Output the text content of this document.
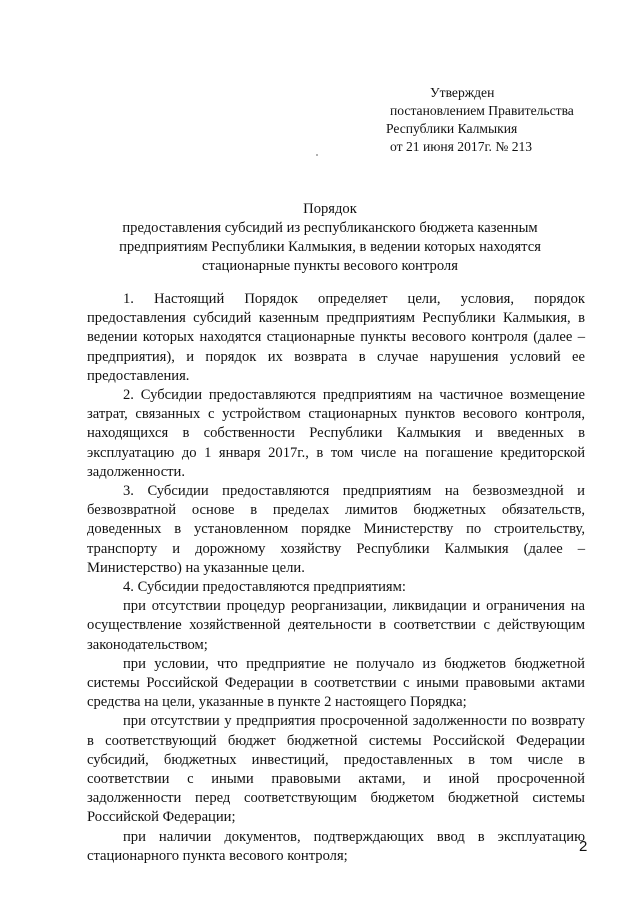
Утвержден
постановлением Правительства
Республики Калмыкия
от 21 июня 2017г. № 213
Порядок
предоставления субсидий из республиканского бюджета казенным
предприятиям Республики Калмыкия, в ведении которых находятся
стационарные пункты весового контроля

1.    Настоящий    Порядок    определяет    цели,    условия,    порядок предоставления субсидий казенным предприятиям Республики Калмыкия, в ведении которых находятся стационарные пункты весового контроля (далее – предприятия), и порядок их возврата в случае нарушения условий ее предоставления.

2. Субсидии предоставляются предприятиям на частичное возмещение затрат, связанных с устройством стационарных пунктов весового контроля, находящихся в собственности Республики Калмыкия и введенных в эксплуатацию до 1 января 2017г., в том числе на погашение кредиторской задолженности.

3. Субсидии предоставляются предприятиям на безвозмездной и безвозвратной основе в пределах лимитов бюджетных обязательств, доведенных в установленном порядке Министерству по строительству, транспорту и дорожному хозяйству Республики Калмыкия (далее – Министерство) на указанные цели.

4. Субсидии предоставляются предприятиям:

при отсутствии процедур реорганизации, ликвидации и ограничения на осуществление хозяйственной деятельности в соответствии с действующим законодательством;

при условии, что предприятие не получало из бюджетов бюджетной системы Российской Федерации в соответствии с иными правовыми актами средства на цели, указанные в пункте 2 настоящего Порядка;

при отсутствии у предприятия просроченной задолженности по возврату в соответствующий бюджет бюджетной системы Российской Федерации субсидий, бюджетных инвестиций, предоставленных в том числе в соответствии с иными правовыми актами, и иной просроченной задолженности перед соответствующим бюджетом бюджетной системы Российской Федерации;

при наличии документов, подтверждающих ввод в эксплуатацию стационарного пункта весового контроля;

2
